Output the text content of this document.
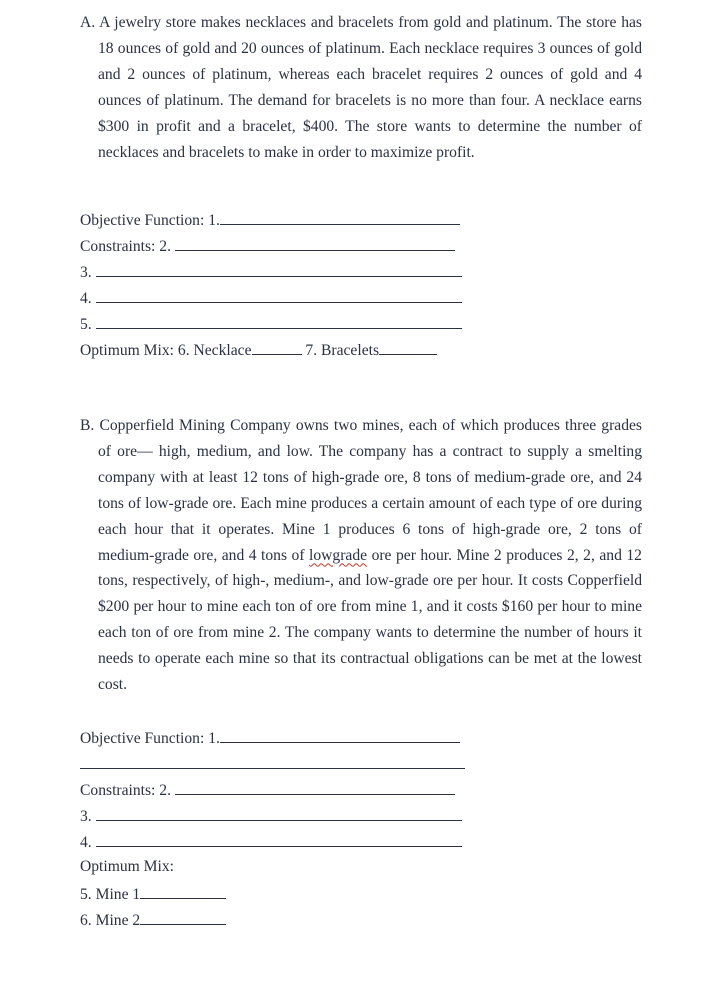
A. A jewelry store makes necklaces and bracelets from gold and platinum. The store has 18 ounces of gold and 20 ounces of platinum. Each necklace requires 3 ounces of gold and 2 ounces of platinum, whereas each bracelet requires 2 ounces of gold and 4 ounces of platinum. The demand for bracelets is no more than four. A necklace earns $300 in profit and a bracelet, $400. The store wants to determine the number of necklaces and bracelets to make in order to maximize profit.
Objective Function: 1.
Constraints: 2.
3.
4.
5.
Optimum Mix: 6. Necklace	7. Bracelets
B. Copperfield Mining Company owns two mines, each of which produces three grades of ore— high, medium, and low. The company has a contract to supply a smelting company with at least 12 tons of high-grade ore, 8 tons of medium-grade ore, and 24 tons of low-grade ore. Each mine produces a certain amount of each type of ore during each hour that it operates. Mine 1 produces 6 tons of high-grade ore, 2 tons of medium-grade ore, and 4 tons of lowgrade ore per hour. Mine 2 produces 2, 2, and 12 tons, respectively, of high-, medium-, and low-grade ore per hour. It costs Copperfield $200 per hour to mine each ton of ore from mine 1, and it costs $160 per hour to mine each ton of ore from mine 2. The company wants to determine the number of hours it needs to operate each mine so that its contractual obligations can be met at the lowest cost.
Objective Function: 1.
Constraints: 2.
3.
4.
Optimum Mix:
5. Mine 1
6. Mine 2
